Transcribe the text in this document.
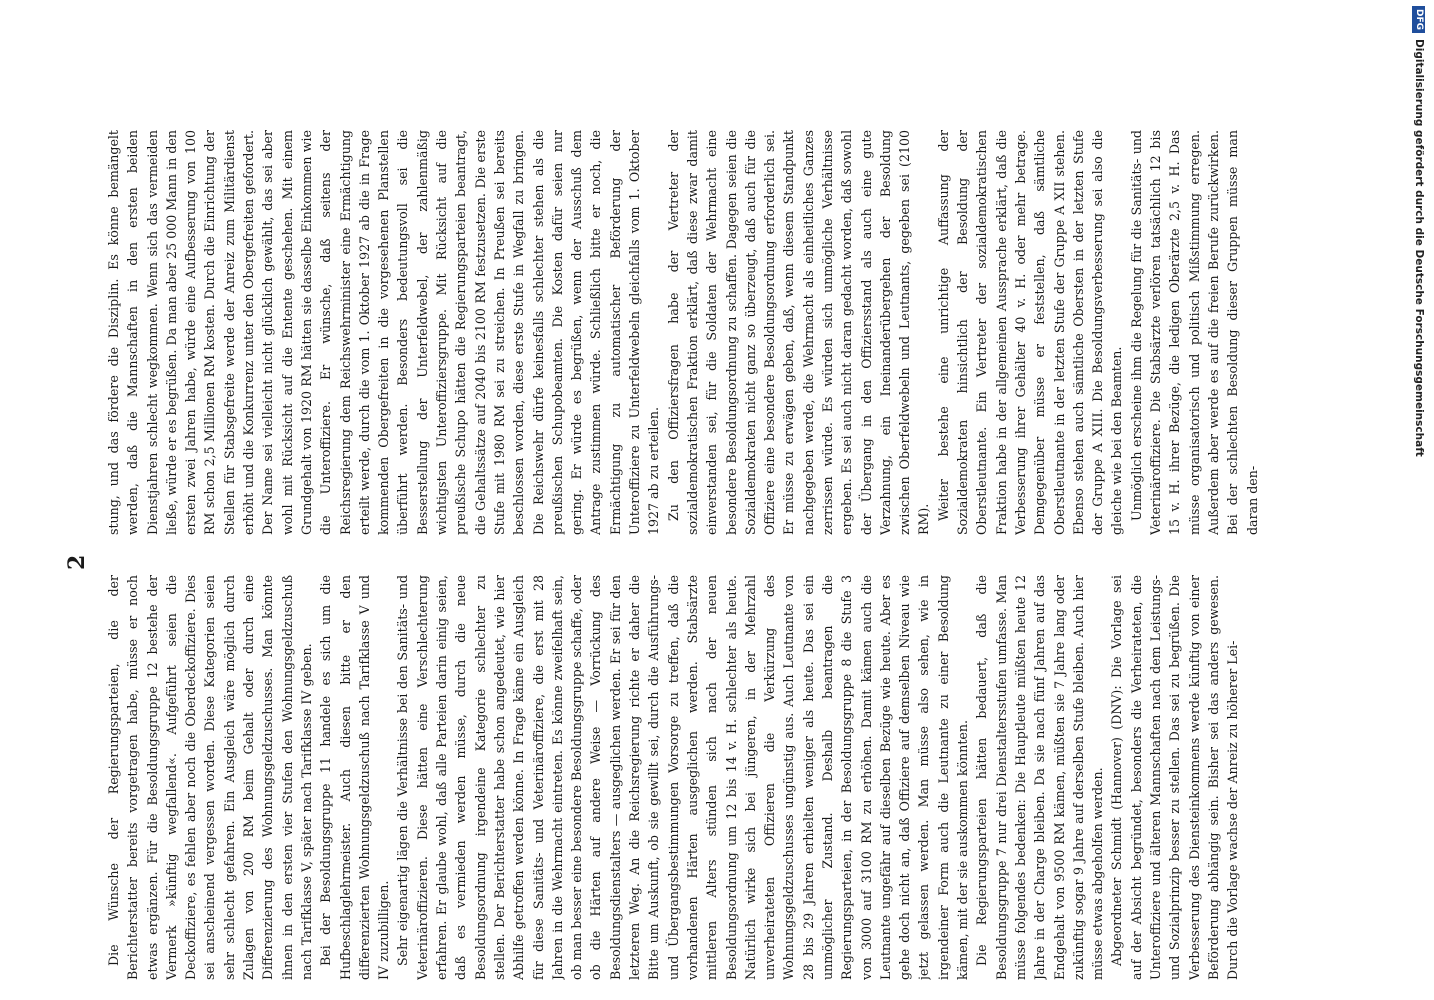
2

Die Wünsche der Regierungsparteien, die der Berichterstatter bereits vorgetragen habe, müsse er noch etwas ergänzen. Für die Besoldungsgruppe 12 bestehe der Vermerk »künftig wegfallend«. Aufgeführt seien die Deckoffiziere, es fehlen aber noch die Oberdeckoffiziere. Dies sei anscheinend vergessen worden. Diese Kategorien seien sehr schlecht gefahren. Ein Ausgleich wäre möglich durch Zulagen von 200 RM beim Gehalt oder durch eine Differenzierung des Wohnungsgeldzuschusses. Man könnte ihnen in den ersten vier Stufen den Wohnungsgeldzuschuß nach Tarifklasse V, später nach Tarifklasse IV geben. Bei der Besoldungsgruppe 11 handele es sich um die Hufbeschlaglehrmeister. Auch diesen bitte er den differenzierten Wohnungsgeldzuschuß nach Tarifklasse V und IV zuzubilligen. Sehr eigenartig lägen die Verhältnisse bei den Sanitäts- und Veterinäroffizieren. Diese hätten eine Verschlechterung erfahren. Er glaube wohl, daß alle Parteien darin einig seien, daß es vermieden werden müsse, durch die neue Besoldungsordnung irgendeine Kategorie schlechter zu stellen. Der Berichterstatter habe schon angedeutet, wie hier Abhilfe getroffen werden könne. In Frage käme ein Ausgleich für diese Sanitäts- und Veterinäroffiziere, die erst mit 28 Jahren in die Wehrmacht eintreten. Es könne zweifelhaft sein, ob man besser eine besondere Besoldungsgruppe schaffe, oder ob die Härten auf andere Weise — Vorrückung des Besoldungsdienstalters — ausgeglichen werden. Er sei für den letzteren Weg. An die Reichsregierung richte er daher die Bitte um Auskunft, ob sie gewillt sei, durch die Ausführungs- und Übergangsbestimmungen Vorsorge zu treffen, daß die vorhandenen Härten ausgeglichen werden. Stabsärzte mittleren Alters stünden sich nach der neuen Besoldungsordnung um 12 bis 14 v. H. schlechter als heute. Natürlich wirke sich bei jüngeren, in der Mehrzahl unverheirateten Offizieren die Verkürzung des Wohnungsgeldzuschusses ungünstig aus. Auch Leutnante von 28 bis 29 Jahren erhielten weniger als heute. Das sei ein unmöglicher Zustand. Deshalb beantragen die Regierungsparteien, in der Besoldungsgruppe 8 die Stufe 3 von 3000 auf 3100 RM zu erhöhen. Damit kämen auch die Leutnante ungefähr auf dieselben Bezüge wie heute. Aber es gehe doch nicht an, daß Offiziere auf demselben Niveau wie jetzt gelassen werden. Man müsse also sehen, wie in irgendeiner Form auch die Leutnante zu einer Besoldung kämen, mit der sie auskommen könnten. Die Regierungsparteien hätten bedauert, daß die Besoldungsgruppe 7 nur drei Dienstaltersstufen umfasse. Man müsse folgendes bedenken: Die Hauptleute müßten heute 12 Jahre in der Charge bleiben. Da sie nach fünf Jahren auf das Endgehalt von 9500 RM kämen, müßten sie 7 Jahre lang oder zukünftig sogar 9 Jahre auf derselben Stufe bleiben. Auch hier müsse etwas abgeholfen werden. Abgeordneter Schmidt (Hannover) (DNV): Die Vorlage sei auf der Absicht begründet, besonders die Verheirateten, die Unteroffiziere und älteren Mannschaften nach dem Leistungs- und Sozialprinzip besser zu stellen. Das sei zu begrüßen. Die Verbesserung des Diensteinkommens werde künftig von einer Beförderung abhängig sein. Bisher sei das anders gewesen. Durch die Vorlage wachse der Anreiz zu höherer Lei-

stung, und das fördere die Disziplin. Es könne bemängelt werden, daß die Mannschaften in den ersten beiden Dienstjahren schlecht wegkommen. Wenn sich das vermeiden ließe, würde er es begrüßen. Da man aber 25 000 Mann in den ersten zwei Jahren habe, würde eine Aufbesserung von 100 RM schon 2,5 Millionen RM kosten. Durch die Einrichtung der Stellen für Stabsgefreite werde der Anreiz zum Militärdienst erhöht und die Konkurrenz unter den Obergefreiten gefordert. Der Name sei vielleicht nicht glücklich gewählt, das sei aber wohl mit Rücksicht auf die Entente geschehen. Mit einem Grundgehalt von 1920 RM hätten sie dasselbe Einkommen wie die Unteroffiziere. Er wünsche, daß seitens der Reichsregierung dem Reichswehrminister eine Ermächtigung erteilt werde, durch die vom 1. Oktober 1927 ab die in Frage kommenden Obergefreiten in die vorgesehenen Planstellen überführt werden. Besonders bedeutungsvoll sei die Besserstellung der Unterfeldwebel, der zahlenmäßig wichtigsten Unteroffiziersgruppe. Mit Rücksicht auf die preußische Schupo hätten die Regierungsparteien beantragt, die Gehaltssätze auf 2040 bis 2100 RM festzusetzen. Die erste Stufe mit 1980 RM sei zu streichen. In Preußen sei bereits beschlossen worden, diese erste Stufe in Wegfall zu bringen. Die Reichswehr dürfe keinesfalls schlechter stehen als die preußischen Schupobeamten. Die Kosten dafür seien nur gering. Er würde es begrüßen, wenn der Ausschuß dem Antrage zustimmen würde. Schließlich bitte er noch, die Ermächtigung zu automatischer Beförderung der Unteroffiziere zu Unterfeldwebeln gleichfalls vom 1. Oktober 1927 ab zu erteilen. Zu den Offiziersfragen habe der Vertreter der sozialdemokratischen Fraktion erklärt, daß diese zwar damit einverstanden sei, für die Soldaten der Wehrmacht eine besondere Besoldungsordnung zu schaffen. Dagegen seien die Sozialdemokraten nicht ganz so überzeugt, daß auch für die Offiziere eine besondere Besoldungsordnung erforderlich sei. Er müsse zu erwägen geben, daß, wenn diesem Standpunkt nachgegeben werde, die Wehrmacht als einheitliches Ganzes zerrissen würde. Es würden sich unmögliche Verhältnisse ergeben. Es sei auch nicht daran gedacht worden, daß sowohl der Übergang in den Offiziersstand als auch eine gute Verzahnung, ein Ineinanderübergehen der Besoldung zwischen Oberfeldwebeln und Leutnants, gegeben sei (2100 RM). Weiter bestehe eine unrichtige Auffassung der Sozialdemokraten hinsichtlich der Besoldung der Oberstleutnante. Ein Vertreter der sozialdemokratischen Fraktion habe in der allgemeinen Aussprache erklärt, daß die Verbesserung ihrer Gehälter 40 v. H. oder mehr betrage. Demgegenüber müsse er feststellen, daß sämtliche Oberstleutnante in der letzten Stufe der Gruppe A XII stehen. Ebenso stehen auch sämtliche Obersten in der letzten Stufe der Gruppe A XIII. Die Besoldungsverbesserung sei also die gleiche wie bei den Beamten. Unmöglich erscheine ihm die Regelung für die Sanitäts- und Veterinäroffiziere. Die Stabsärzte verlören tatsächlich 12 bis 15 v. H. ihrer Bezüge, die ledigen Oberärzte 2,5 v. H. Das müsse organisatorisch und politisch Mißstimmung erregen. Außerdem aber werde es auf die freien Berufe zurückwirken. Bei der schlechten Besoldung dieser Gruppen müsse man daran den-

DFG
Digitalisierung gefördert durch die Deutsche Forschungsgemeinschaft
